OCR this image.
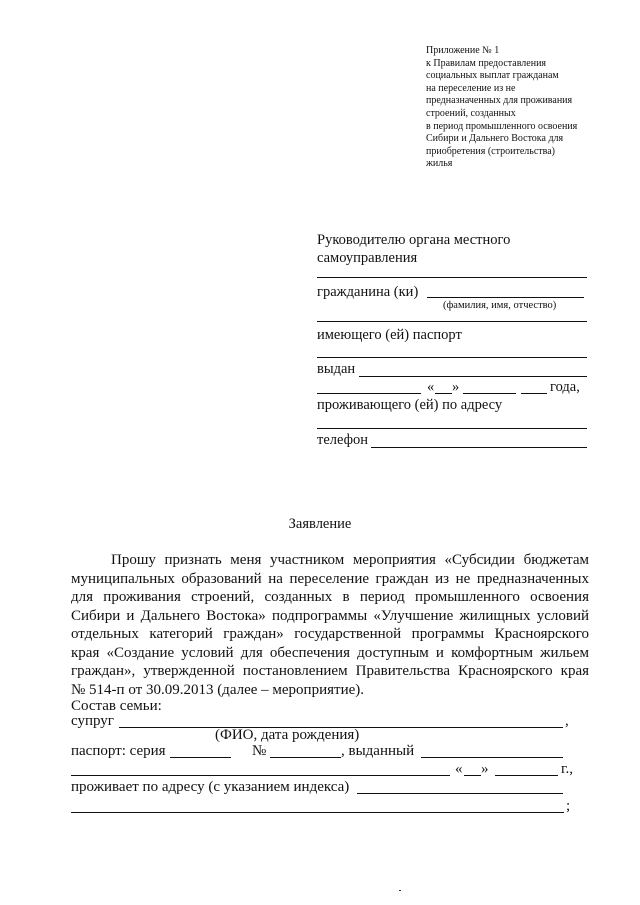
Приложение № 1
к Правилам предоставления
социальных выплат гражданам
на переселение из не
предназначенных для проживания
строений, созданных
в период промышленного освоения
Сибири и Дальнего Востока для
приобретения (строительства)
жилья
Руководителю органа местного
самоуправления
гражданина (ки)
(фамилия, имя, отчество)
имеющего (ей) паспорт
выдан
« »	года,
проживающего (ей) по адресу
телефон
Заявление
Прошу признать меня участником мероприятия «Субсидии бюджетам
муниципальных образований на переселение граждан из не предназначенных
для проживания строений, созданных в период промышленного освоения
Сибири и Дальнего Востока» подпрограммы «Улучшение жилищных условий
отдельных категорий граждан» государственной программы Красноярского
края «Создание условий для обеспечения доступным и комфортным жильем
граждан», утвержденной постановлением Правительства Красноярского края
№ 514-п от 30.09.2013 (далее – мероприятие).
Состав семьи:
супруг	,
(ФИО, дата рождения)
паспорт: серия	№	, выданный
« »	г.,
проживает по адресу (с указанием индекса)
;
